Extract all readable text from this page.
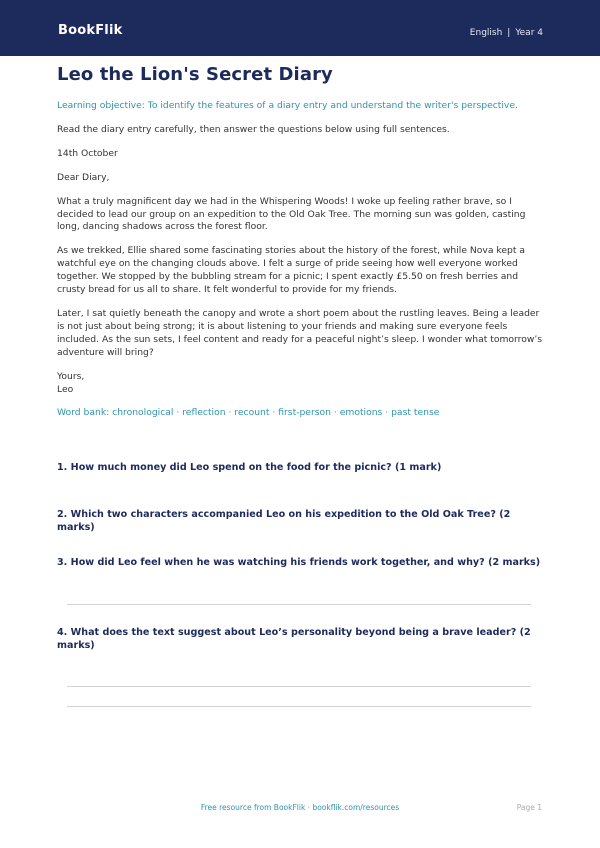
BookFlik	English | Year 4
Leo the Lion's Secret Diary

Learning objective: To identify the features of a diary entry and understand the writer's perspective.

Read the diary entry carefully, then answer the questions below using full sentences.

14th October

Dear Diary,

What a truly magnificent day we had in the Whispering Woods! I woke up feeling rather brave, so I decided to lead our group on an expedition to the Old Oak Tree. The morning sun was golden, casting long, dancing shadows across the forest floor.

As we trekked, Ellie shared some fascinating stories about the history of the forest, while Nova kept a watchful eye on the changing clouds above. I felt a surge of pride seeing how well everyone worked together. We stopped by the bubbling stream for a picnic; I spent exactly £5.50 on fresh berries and crusty bread for us all to share. It felt wonderful to provide for my friends.

Later, I sat quietly beneath the canopy and wrote a short poem about the rustling leaves. Being a leader is not just about being strong; it is about listening to your friends and making sure everyone feels included. As the sun sets, I feel content and ready for a peaceful night’s sleep. I wonder what tomorrow’s adventure will bring?

Yours,
Leo

Word bank: chronological · reflection · recount · first-person · emotions · past tense

1. How much money did Leo spend on the food for the picnic? (1 mark)

2. Which two characters accompanied Leo on his expedition to the Old Oak Tree? (2 marks)

3. How did Leo feel when he was watching his friends work together, and why? (2 marks)

4. What does the text suggest about Leo’s personality beyond being a brave leader? (2 marks)

Free resource from BookFlik · bookflik.com/resources	Page 1
